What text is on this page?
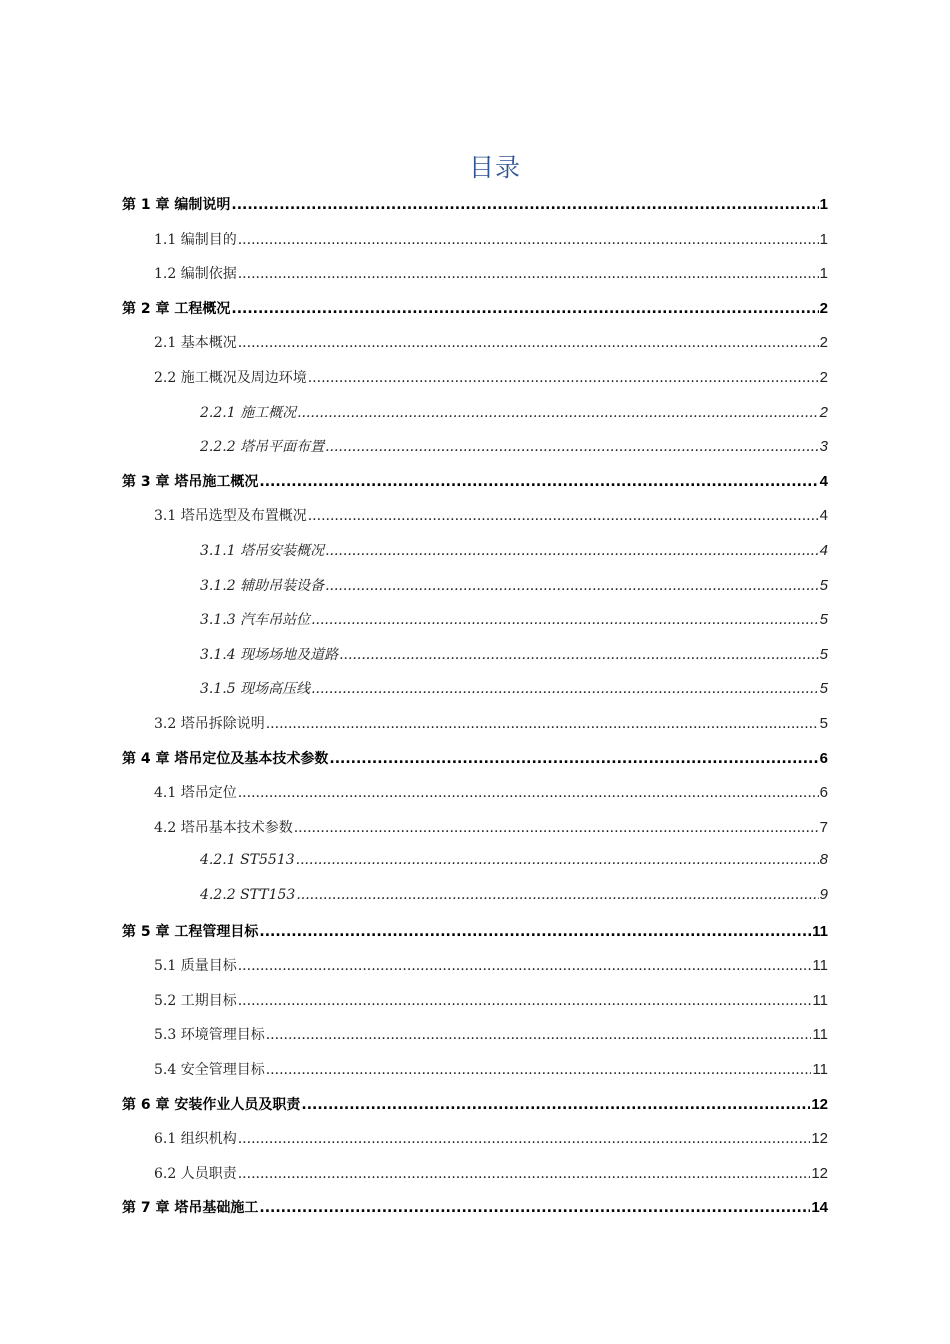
目录
第 1 章 编制说明 .....	1
1.1 编制目的 .....	1
1.2 编制依据 .....	1
第 2 章 工程概况 .....	2
2.1 基本概况 .....	2
2.2 施工概况及周边环境 .....	2
2.2.1 施工概况 .....	2
2.2.2 塔吊平面布置 .....	3
第 3 章 塔吊施工概况 .....	4
3.1 塔吊选型及布置概况 .....	4
3.1.1 塔吊安装概况 .....	4
3.1.2 辅助吊装设备 .....	5
3.1.3 汽车吊站位 .....	5
3.1.4 现场场地及道路 .....	5
3.1.5 现场高压线 .....	5
3.2 塔吊拆除说明 .....	5
第 4 章 塔吊定位及基本技术参数 .....	6
4.1 塔吊定位 .....	6
4.2 塔吊基本技术参数 .....	7
4.2.1 ST5513 .....	8
4.2.2 STT153 .....	9
第 5 章 工程管理目标 .....	11
5.1 质量目标 .....	11
5.2 工期目标 .....	11
5.3 环境管理目标 .....	11
5.4 安全管理目标 .....	11
第 6 章 安装作业人员及职责 .....	12
6.1 组织机构 .....	12
6.2 人员职责 .....	12
第 7 章 塔吊基础施工 .....	14
